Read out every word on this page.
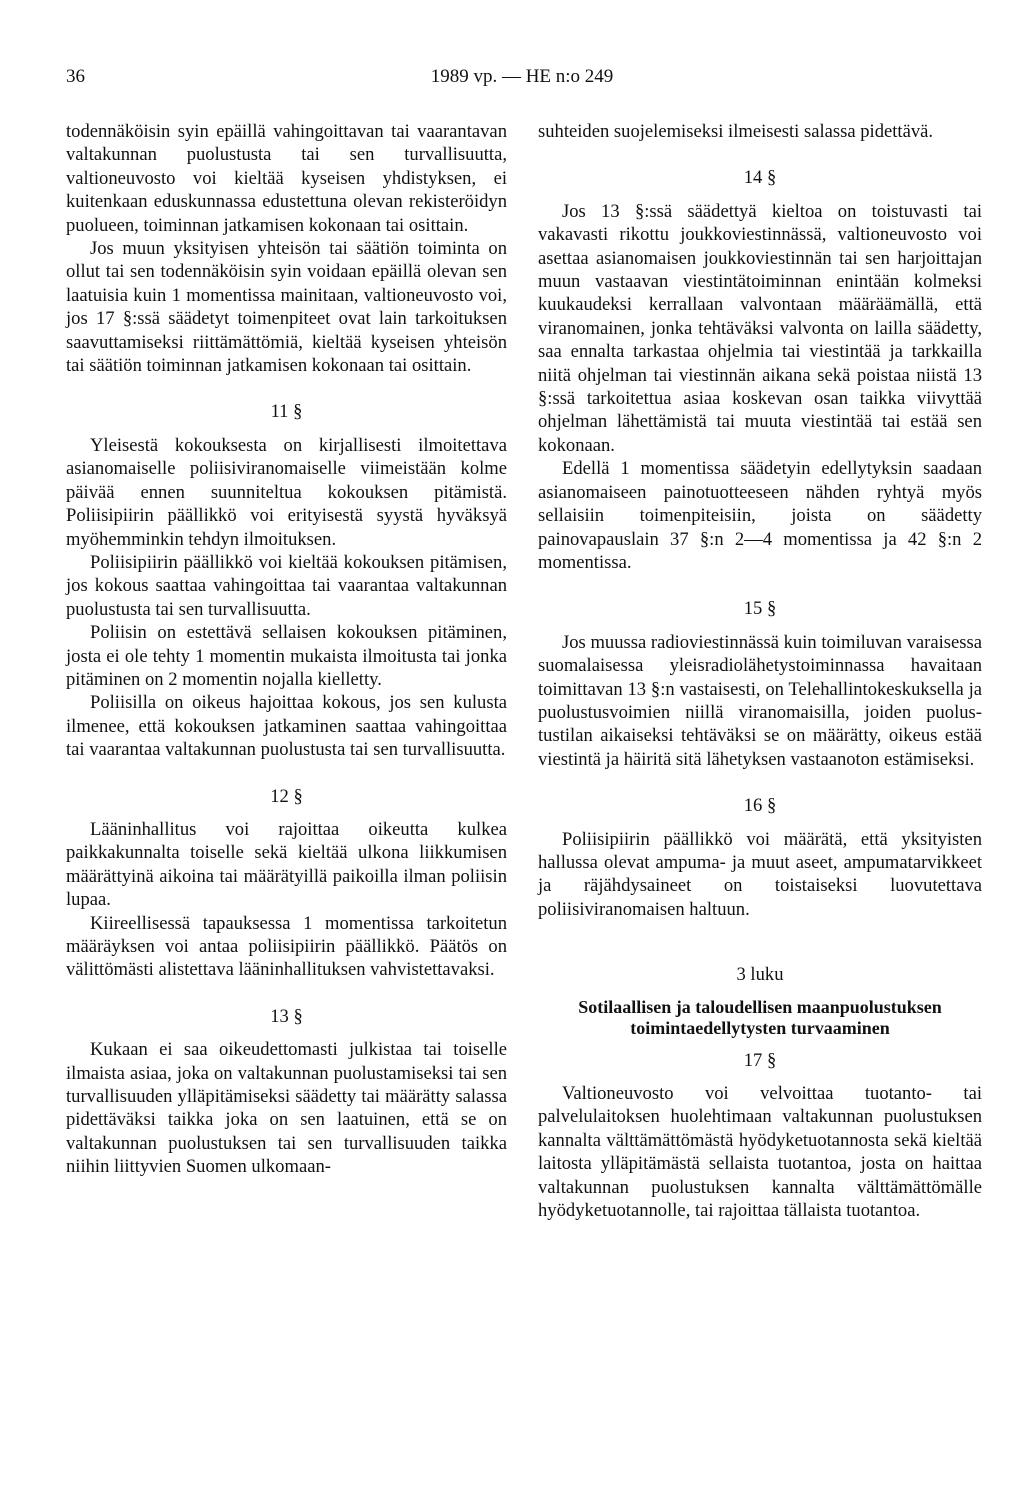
36	1989 vp. — HE n:o 249

todennäköisin syin epäillä vahingoittavan tai vaarantavan valtakunnan puolustusta tai sen turvallisuutta, valtioneuvosto voi kieltää kyseisen yhdistyksen, ei kuitenkaan eduskunnassa edustettuna olevan rekisteröidyn puolueen, toiminnan jatkamisen kokonaan tai osittain.

Jos muun yksityisen yhteisön tai säätiön toiminta on ollut tai sen todennäköisin syin voidaan epäillä olevan sen laatuisia kuin 1 momentissa mainitaan, valtioneuvosto voi, jos 17 §:ssä säädetyt toimenpiteet ovat lain tarkoituksen saavuttamiseksi riittämättömiä, kieltää kyseisen yhteisön tai säätiön toiminnan jatkamisen kokonaan tai osittain.

11 §

Yleisestä kokouksesta on kirjallisesti ilmoitettava asianomaiselle poliisiviranomaiselle viimeistään kolme päivää ennen suunniteltua kokouksen pitämistä. Poliisipiirin päällikkö voi erityisestä syystä hyväksyä myöhemminkin tehdyn ilmoituksen.

Poliisipiirin päällikkö voi kieltää kokouksen pitämisen, jos kokous saattaa vahingoittaa tai vaarantaa valtakunnan puolustusta tai sen turvallisuutta.

Poliisin on estettävä sellaisen kokouksen pitäminen, josta ei ole tehty 1 momentin mukaista ilmoitusta tai jonka pitäminen on 2 momentin nojalla kielletty.

Poliisilla on oikeus hajoittaa kokous, jos sen kulusta ilmenee, että kokouksen jatkaminen saattaa vahingoittaa tai vaarantaa valtakunnan puolustusta tai sen turvallisuutta.

12 §

Lääninhallitus voi rajoittaa oikeutta kulkea paikkakunnalta toiselle sekä kieltää ulkona liikkumisen määrättyinä aikoina tai määrätyillä paikoilla ilman poliisin lupaa.

Kiireellisessä tapauksessa 1 momentissa tarkoitetun määräyksen voi antaa poliisipiirin päällikkö. Päätös on välittömästi alistettava lääninhallituksen vahvistettavaksi.

13 §

Kukaan ei saa oikeudettomasti julkistaa tai toiselle ilmaista asiaa, joka on valtakunnan puolustamiseksi tai sen turvallisuuden ylläpitämiseksi säädetty tai määrätty salassa pidettäväksi taikka joka on sen laatuinen, että se on valtakunnan puolustuksen tai sen turvallisuuden taikka niihin liittyvien Suomen ulkomaan-

suhteiden suojelemiseksi ilmeisesti salassa pidettävä.

14 §

Jos 13 §:ssä säädettyä kieltoa on toistuvasti tai vakavasti rikottu joukkoviestinnässä, valtioneuvosto voi asettaa asianomaisen joukkoviestinnän tai sen harjoittajan muun vastaavan viestintätoiminnan enintään kolmeksi kuukaudeksi kerrallaan valvontaan määräämällä, että viranomainen, jonka tehtäväksi valvonta on lailla säädetty, saa ennalta tarkastaa ohjelmia tai viestintää ja tarkkailla niitä ohjelman tai viestinnän aikana sekä poistaa niistä 13 §:ssä tarkoitettua asiaa koskevan osan taikka viivyttää ohjelman lähettämistä tai muuta viestintää tai estää sen kokonaan.

Edellä 1 momentissa säädetyin edellytyksin saadaan asianomaiseen painotuotteeseen nähden ryhtyä myös sellaisiin toimenpiteisiin, joista on säädetty painovapauslain 37 §:n 2—4 momentissa ja 42 §:n 2 momentissa.

15 §

Jos muussa radioviestinnässä kuin toimiluvan varaisessa suomalaisessa yleisradiolähetystoiminnassa havaitaan toimittavan 13 §:n vastaisesti, on Telehallintokeskuksella ja puolustusvoimien niillä viranomaisilla, joiden puolustustilan aikaiseksi tehtäväksi se on määrätty, oikeus estää viestintä ja häiritä sitä lähetyksen vastaanoton estämiseksi.

16 §

Poliisipiirin päällikkö voi määrätä, että yksityisten hallussa olevat ampuma- ja muut aseet, ampumatarvikkeet ja räjähdysaineet on toistaiseksi luovutettava poliisiviranomaisen haltuun.

3 luku
Sotilaallisen ja taloudellisen maanpuolustuksen toimintaedellytysten turvaaminen
17 §

Valtioneuvosto voi velvoittaa tuotanto- tai palvelulaitoksen huolehtimaan valtakunnan puolustuksen kannalta välttämättömästä hyödyketuotannosta sekä kieltää laitosta ylläpitämästä sellaista tuotantoa, josta on haittaa valtakunnan puolustuksen kannalta välttämättömälle hyödyketuotannolle, tai rajoittaa tällaista tuotantoa.
